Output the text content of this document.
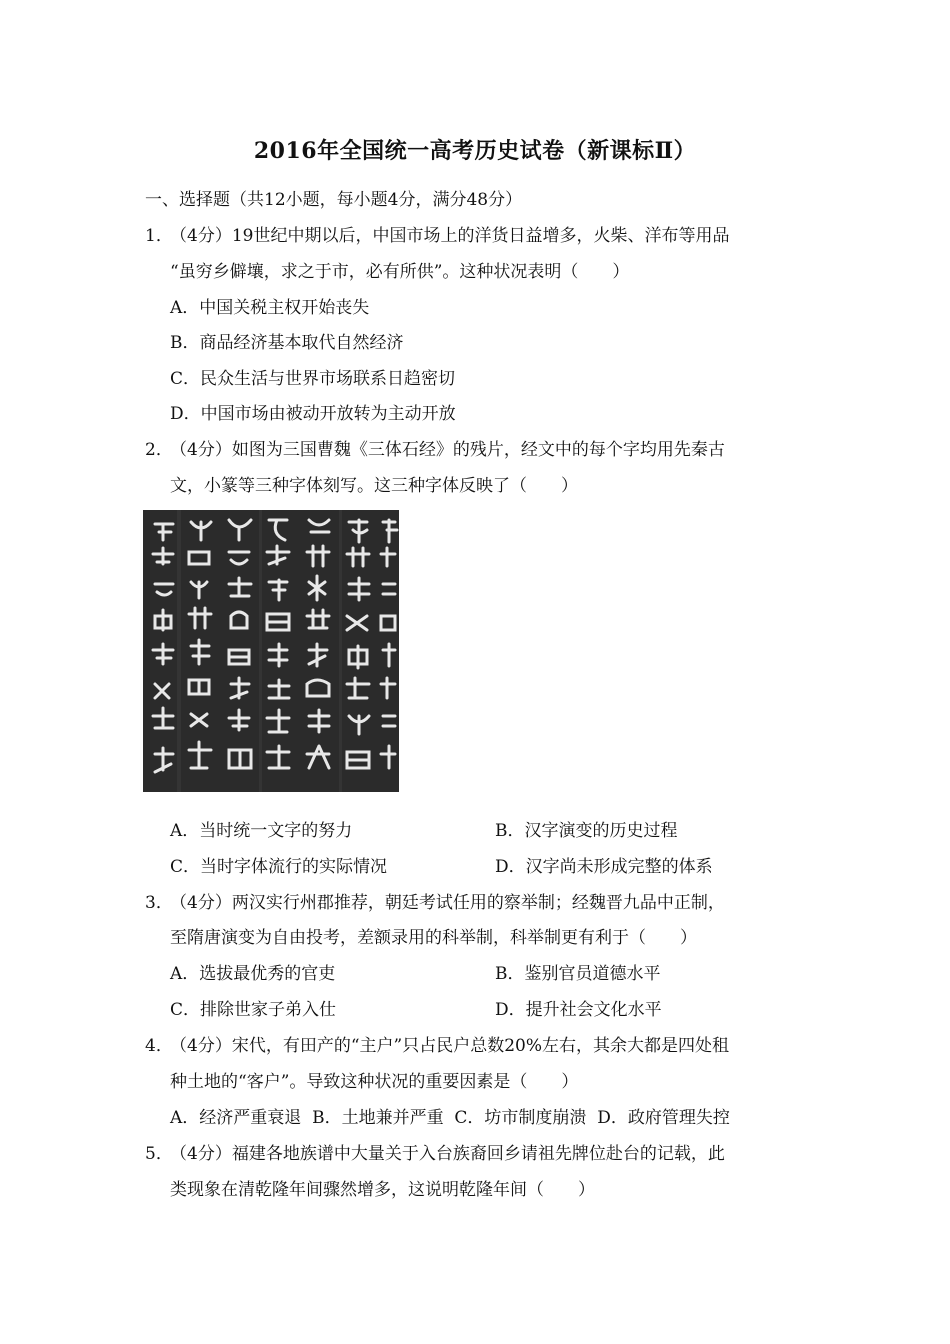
2016年全国统一高考历史试卷（新课标Ⅱ）
一、选择题（共12小题，每小题4分，满分48分）
1．（4分）19世纪中期以后，中国市场上的洋货日益增多，火柴、洋布等用品
“虽穷乡僻壤，求之于市，必有所供”。这种状况表明（　　）
A．中国关税主权开始丧失
B．商品经济基本取代自然经济
C．民众生活与世界市场联系日趋密切
D．中国市场由被动开放转为主动开放
2．（4分）如图为三国曹魏《三体石经》的残片，经文中的每个字均用先秦古
文，小篆等三种字体刻写。这三种字体反映了（　　）
A．当时统一文字的努力	B．汉字演变的历史过程
C．当时字体流行的实际情况	D．汉字尚未形成完整的体系
3．（4分）两汉实行州郡推荐，朝廷考试任用的察举制；经魏晋九品中正制，
至隋唐演变为自由投考，差额录用的科举制，科举制更有利于（　　）
A．选拔最优秀的官吏	B．鉴别官员道德水平
C．排除世家子弟入仕	D．提升社会文化水平
4．（4分）宋代，有田产的“主户”只占民户总数20%左右，其余大都是四处租
种土地的“客户”。导致这种状况的重要因素是（　　）
A．经济严重衰退  B．土地兼并严重  C．坊市制度崩溃  D．政府管理失控
5．（4分）福建各地族谱中大量关于入台族裔回乡请祖先牌位赴台的记载，此
类现象在清乾隆年间骤然增多，这说明乾隆年间（　　）
